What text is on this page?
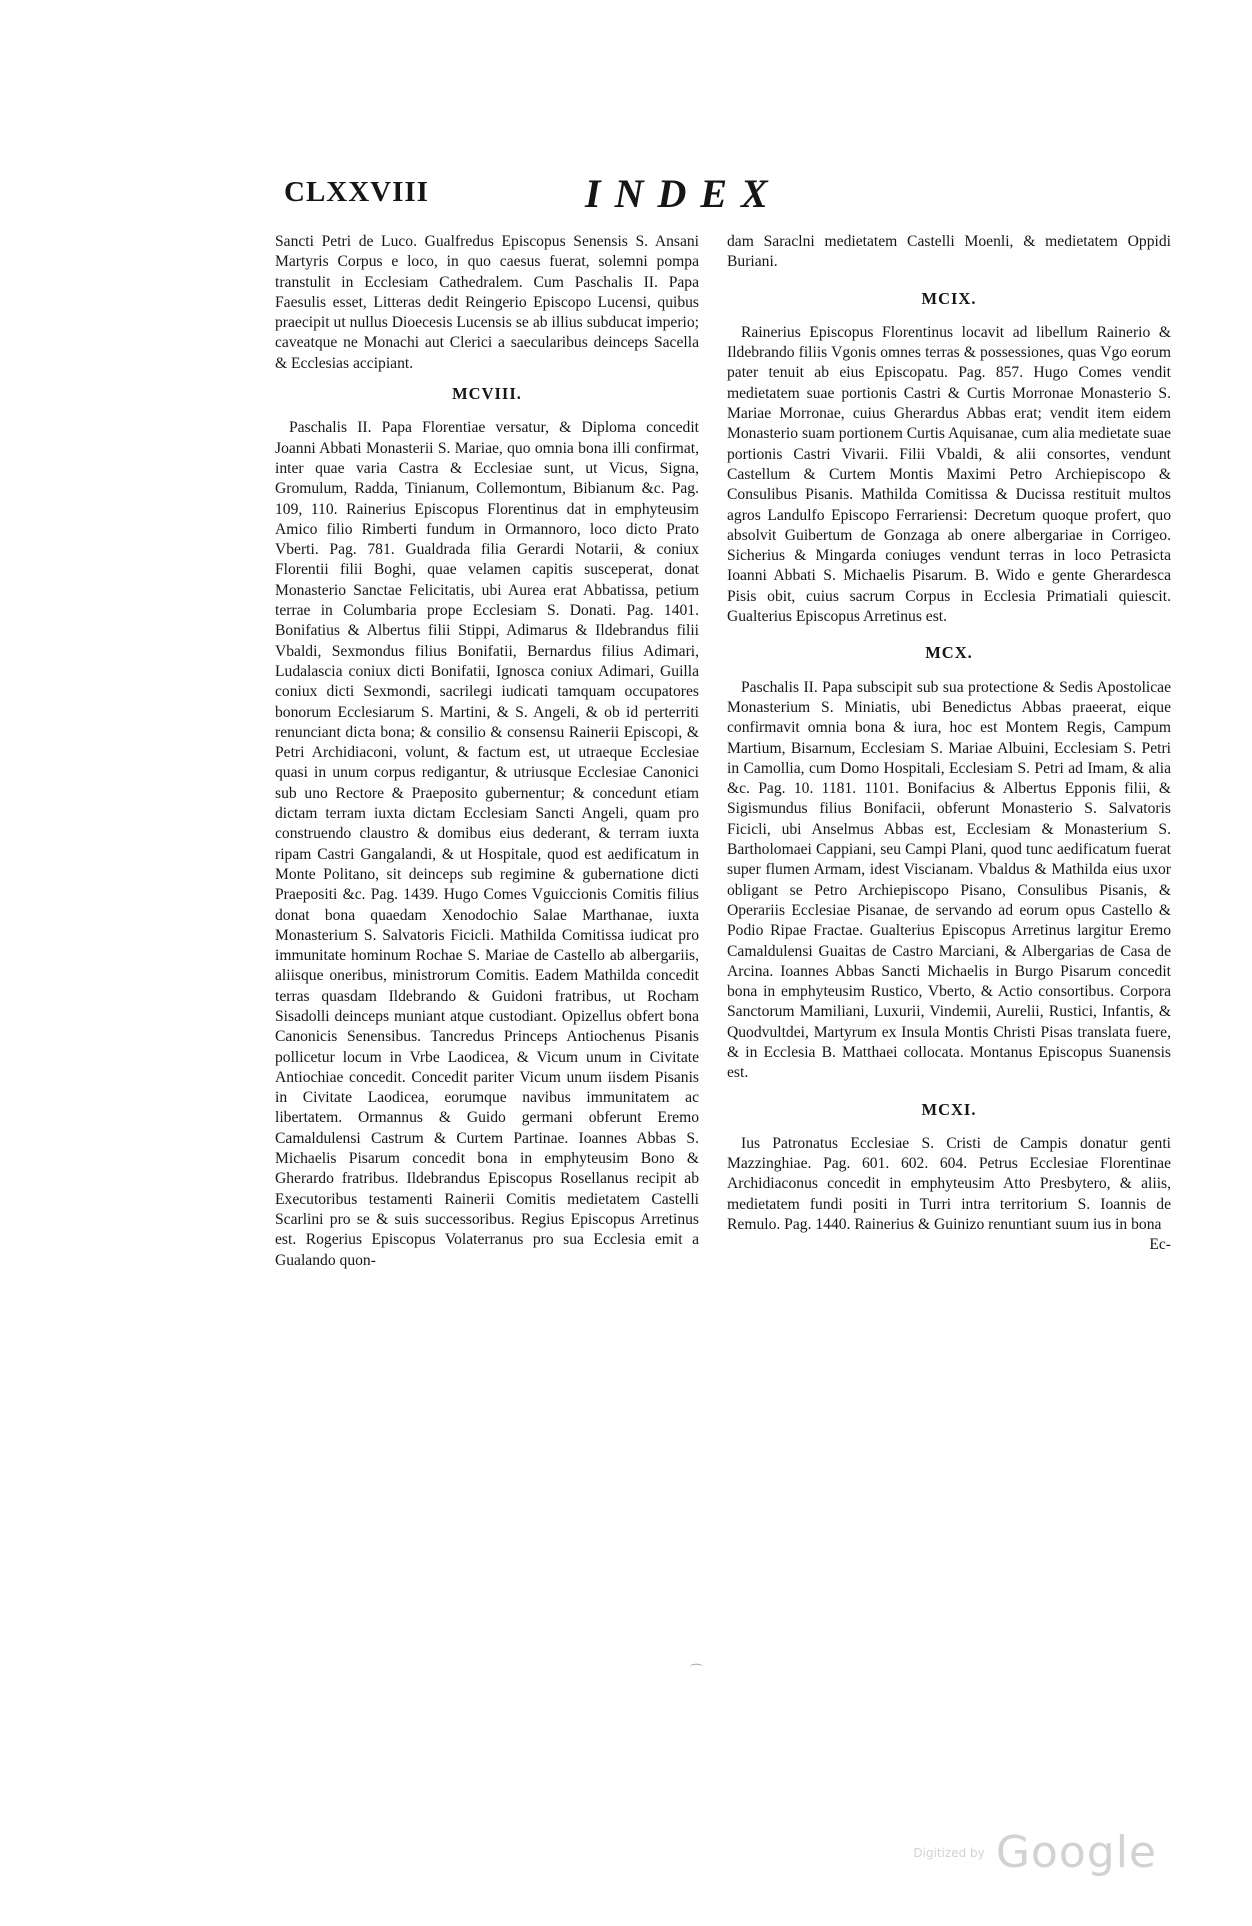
CLXXVIII	INDEX

Sancti Petri de Luco. Gualfredus Episcopus Senensis S. Ansani Martyris Corpus e loco, in quo caesus fuerat, solemni pompa transtulit in Ecclesiam Cathedralem. Cum Paschalis II. Papa Faesulis esset, Litteras dedit Reingerio Episcopo Lucensi, quibus praecipit ut nullus Dioecesis Lucensis se ab illius subducat imperio; caveatque ne Monachi aut Clerici a saecularibus deinceps Sacella & Ecclesias accipiant.

MCVIII.

Paschalis II. Papa Florentiae versatur, & Diploma concedit Joanni Abbati Monasterii S. Mariae, quo omnia bona illi confirmat, inter quae varia Castra & Ecclesiae sunt, ut Vicus, Signa, Gromulum, Radda, Tinianum, Collemontum, Bibianum &c. Pag. 109, 110. Rainerius Episcopus Florentinus dat in emphyteusim Amico filio Rimberti fundum in Ormannoro, loco dicto Prato Vberti. Pag. 781. Gualdrada filia Gerardi Notarii, & coniux Florentii filii Boghi, quae velamen capitis susceperat, donat Monasterio Sanctae Felicitatis, ubi Aurea erat Abbatissa, petium terrae in Columbaria prope Ecclesiam S. Donati. Pag. 1401. Bonifatius & Albertus filii Stippi, Adimarus & Ildebrandus filii Vbaldi, Sexmondus filius Bonifatii, Bernardus filius Adimari, Ludalascia coniux dicti Bonifatii, Ignosca coniux Adimari, Guilla coniux dicti Sexmondi, sacrilegi iudicati tamquam occupatores bonorum Ecclesiarum S. Martini, & S. Angeli, & ob id perterriti renunciant dicta bona; & consilio & consensu Rainerii Episcopi, & Petri Archidiaconi, volunt, & factum est, ut utraeque Ecclesiae quasi in unum corpus redigantur, & utriusque Ecclesiae Canonici sub uno Rectore & Praeposito gubernentur; & concedunt etiam dictam terram iuxta dictam Ecclesiam Sancti Angeli, quam pro construendo claustro & domibus eius dederant, & terram iuxta ripam Castri Gangalandi, & ut Hospitale, quod est aedificatum in Monte Politano, sit deinceps sub regimine & gubernatione dicti Praepositi &c. Pag. 1439. Hugo Comes Vguiccionis Comitis filius donat bona quaedam Xenodochio Salae Marthanae, iuxta Monasterium S. Salvatoris Ficicli. Mathilda Comitissa iudicat pro immunitate hominum Rochae S. Mariae de Castello ab albergariis, aliisque oneribus, ministrorum Comitis. Eadem Mathilda concedit terras quasdam Ildebrando & Guidoni fratribus, ut Rocham Sisadolli deinceps muniant atque custodiant. Opizellus obfert bona Canonicis Senensibus. Tancredus Princeps Antiochenus Pisanis pollicetur locum in Vrbe Laodicea, & Vicum unum in Civitate Antiochiae concedit. Concedit pariter Vicum unum iisdem Pisanis in Civitate Laodicea, eorumque navibus immunitatem ac libertatem. Ormannus & Guido germani obferunt Eremo Camaldulensi Castrum & Curtem Partinae. Ioannes Abbas S. Michaelis Pisarum concedit bona in emphyteusim Bono & Gherardo fratribus. Ildebrandus Episcopus Rosellanus recipit ab Executoribus testamenti Rainerii Comitis medietatem Castelli Scarlini pro se & suis successoribus. Regius Episcopus Arretinus est. Rogerius Episcopus Volaterranus pro sua Ecclesia emit a Gualando quon-

dam Saraclni medietatem Castelli Moenli, & medietatem Oppidi Buriani.

MCIX.

Rainerius Episcopus Florentinus locavit ad libellum Rainerio & Ildebrando filiis Vgonis omnes terras & possessiones, quas Vgo eorum pater tenuit ab eius Episcopatu. Pag. 857. Hugo Comes vendit medietatem suae portionis Castri & Curtis Morronae Monasterio S. Mariae Morronae, cuius Gherardus Abbas erat; vendit item eidem Monasterio suam portionem Curtis Aquisanae, cum alia medietate suae portionis Castri Vivarii. Filii Vbaldi, & alii consortes, vendunt Castellum & Curtem Montis Maximi Petro Archiepiscopo & Consulibus Pisanis. Mathilda Comitissa & Ducissa restituit multos agros Landulfo Episcopo Ferrariensi: Decretum quoque profert, quo absolvit Guibertum de Gonzaga ab onere albergariae in Corrigeo. Sicherius & Mingarda coniuges vendunt terras in loco Petrasicta Ioanni Abbati S. Michaelis Pisarum. B. Wido e gente Gherardesca Pisis obit, cuius sacrum Corpus in Ecclesia Primatiali quiescit. Gualterius Episcopus Arretinus est.

MCX.

Paschalis II. Papa subscipit sub sua protectione & Sedis Apostolicae Monasterium S. Miniatis, ubi Benedictus Abbas praeerat, eique confirmavit omnia bona & iura, hoc est Montem Regis, Campum Martium, Bisarnum, Ecclesiam S. Mariae Albuini, Ecclesiam S. Petri in Camollia, cum Domo Hospitali, Ecclesiam S. Petri ad Imam, & alia &c. Pag. 10. 1181. 1101. Bonifacius & Albertus Epponis filii, & Sigismundus filius Bonifacii, obferunt Monasterio S. Salvatoris Ficicli, ubi Anselmus Abbas est, Ecclesiam & Monasterium S. Bartholomaei Cappiani, seu Campi Plani, quod tunc aedificatum fuerat super flumen Armam, idest Viscianam. Vbaldus & Mathilda eius uxor obligant se Petro Archiepiscopo Pisano, Consulibus Pisanis, & Operariis Ecclesiae Pisanae, de servando ad eorum opus Castello & Podio Ripae Fractae. Gualterius Episcopus Arretinus largitur Eremo Camaldulensi Guaitas de Castro Marciani, & Albergarias de Casa de Arcina. Ioannes Abbas Sancti Michaelis in Burgo Pisarum concedit bona in emphyteusim Rustico, Vberto, & Actio consortibus. Corpora Sanctorum Mamiliani, Luxurii, Vindemii, Aurelii, Rustici, Infantis, & Quodvultdei, Martyrum ex Insula Montis Christi Pisas translata fuere, & in Ecclesia B. Matthaei collocata. Montanus Episcopus Suanensis est.

MCXI.

Ius Patronatus Ecclesiae S. Cristi de Campis donatur genti Mazzinghiae. Pag. 601. 602. 604. Petrus Ecclesiae Florentinae Archidiaconus concedit in emphyteusim Atto Presbytero, & aliis, medietatem fundi positi in Turri intra territorium S. Ioannis de Remulo. Pag. 1440. Rainerius & Guinizo renuntiant suum ius in bona

Ec-
⌒
Digitized by Google
